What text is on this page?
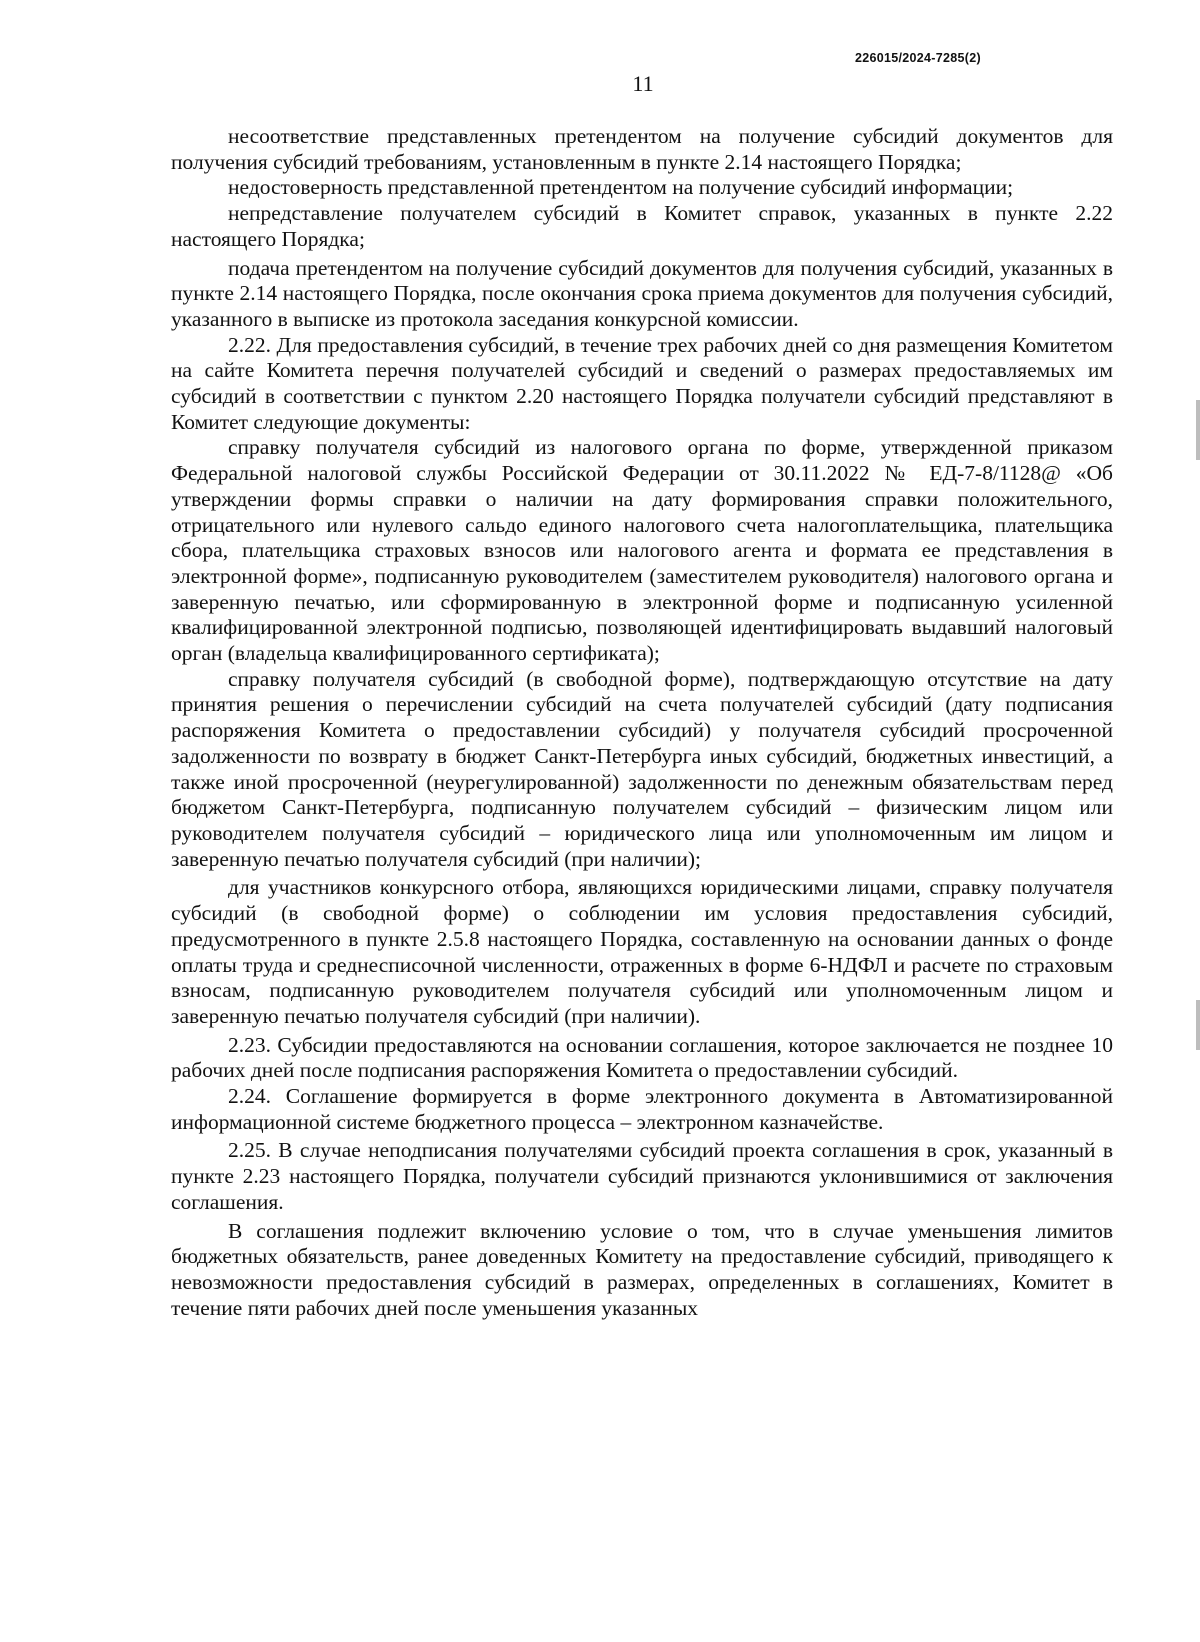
226015/2024-7285(2)
11

несоответствие представленных претендентом на получение субсидий документов для получения субсидий требованиям, установленным в пункте 2.14 настоящего Порядка;

недостоверность представленной претендентом на получение субсидий информации;

непредставление получателем субсидий в Комитет справок, указанных в пункте 2.22 настоящего Порядка;

подача претендентом на получение субсидий документов для получения субсидий, указанных в пункте 2.14 настоящего Порядка, после окончания срока приема документов для получения субсидий, указанного в выписке из протокола заседания конкурсной комиссии.

2.22. Для предоставления субсидий, в течение трех рабочих дней со дня размещения Комитетом на сайте Комитета перечня получателей субсидий и сведений о размерах предоставляемых им субсидий в соответствии с пунктом 2.20 настоящего Порядка получатели субсидий представляют в Комитет следующие документы:

справку получателя субсидий из налогового органа по форме, утвержденной приказом Федеральной налоговой службы Российской Федерации от 30.11.2022 № ЕД-7-8/1128@ «Об утверждении формы справки о наличии на дату формирования справки положительного, отрицательного или нулевого сальдо единого налогового счета налогоплательщика, плательщика сбора, плательщика страховых взносов или налогового агента и формата ее представления в электронной форме», подписанную руководителем (заместителем руководителя) налогового органа и заверенную печатью, или сформированную в электронной форме и подписанную усиленной квалифицированной электронной подписью, позволяющей идентифицировать выдавший налоговый орган (владельца квалифицированного сертификата);

справку получателя субсидий (в свободной форме), подтверждающую отсутствие на дату принятия решения о перечислении субсидий на счета получателей субсидий (дату подписания распоряжения Комитета о предоставлении субсидий) у получателя субсидий просроченной задолженности по возврату в бюджет Санкт-Петербурга иных субсидий, бюджетных инвестиций, а также иной просроченной (неурегулированной) задолженности по денежным обязательствам перед бюджетом Санкт-Петербурга, подписанную получателем субсидий – физическим лицом или руководителем получателя субсидий – юридического лица или уполномоченным им лицом и заверенную печатью получателя субсидий (при наличии);

для участников конкурсного отбора, являющихся юридическими лицами, справку получателя субсидий (в свободной форме) о соблюдении им условия предоставления субсидий, предусмотренного в пункте 2.5.8 настоящего Порядка, составленную на основании данных о фонде оплаты труда и среднесписочной численности, отраженных в форме 6-НДФЛ и расчете по страховым взносам, подписанную руководителем получателя субсидий или уполномоченным лицом и заверенную печатью получателя субсидий (при наличии).

2.23. Субсидии предоставляются на основании соглашения, которое заключается не позднее 10 рабочих дней после подписания распоряжения Комитета о предоставлении субсидий.

2.24. Соглашение формируется в форме электронного документа в Автоматизированной информационной системе бюджетного процесса – электронном казначействе.

2.25. В случае неподписания получателями субсидий проекта соглашения в срок, указанный в пункте 2.23 настоящего Порядка, получатели субсидий признаются уклонившимися от заключения соглашения.

В соглашения подлежит включению условие о том, что в случае уменьшения лимитов бюджетных обязательств, ранее доведенных Комитету на предоставление субсидий, приводящего к невозможности предоставления субсидий в размерах, определенных в соглашениях, Комитет в течение пяти рабочих дней после уменьшения указанных
